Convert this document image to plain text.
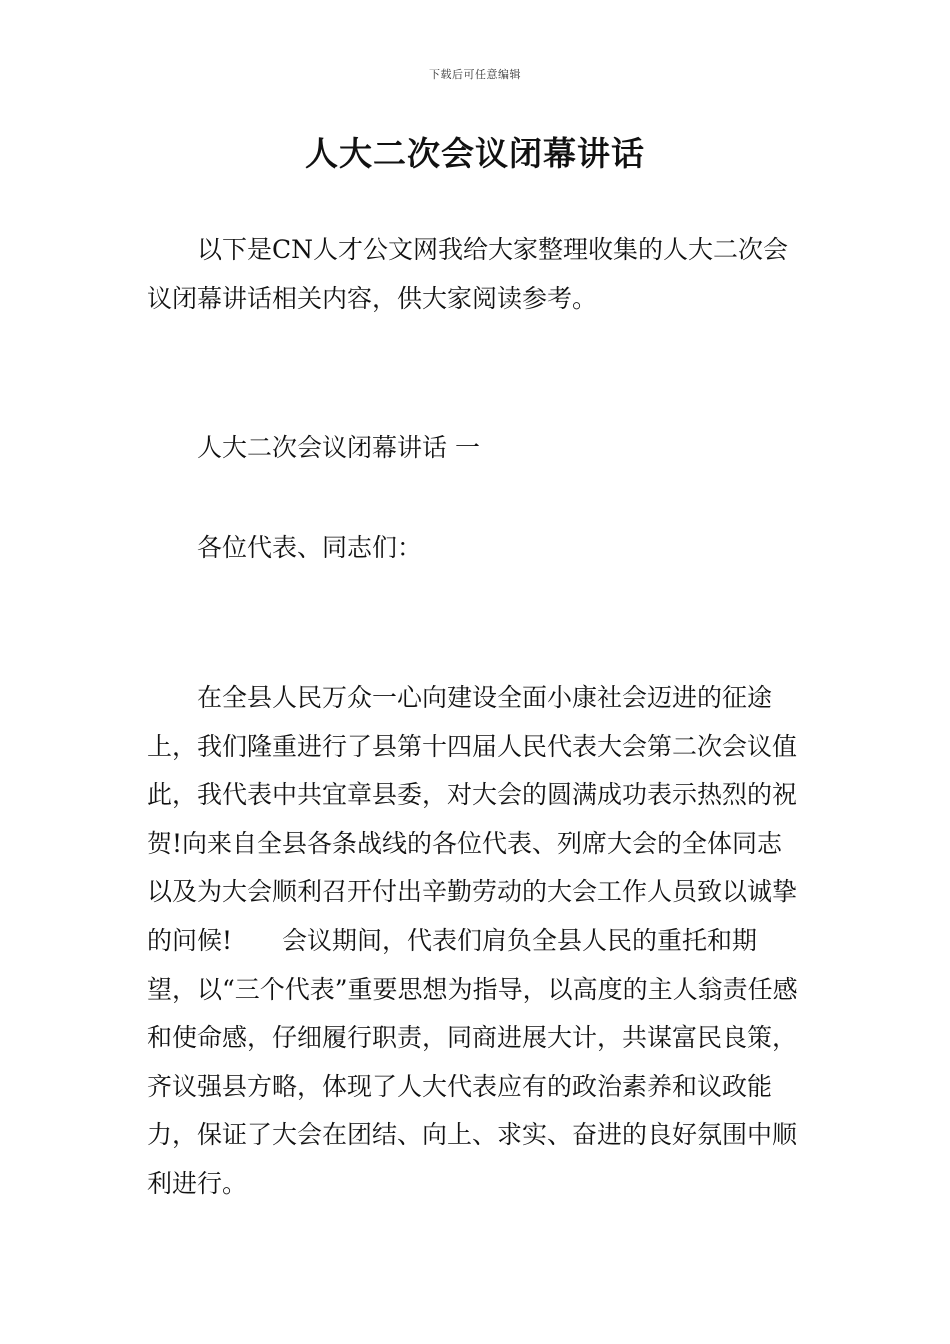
下载后可任意编辑
人大二次会议闭幕讲话

以下是CN人才公文网我给大家整理收集的人大二次会议闭幕讲话相关内容，供大家阅读参考。

人大二次会议闭幕讲话 一

各位代表、同志们：

在全县人民万众一心向建设全面小康社会迈进的征途上，我们隆重进行了县第十四届人民代表大会第二次会议值此，我代表中共宜章县委，对大会的圆满成功表示热烈的祝贺!向来自全县各条战线的各位代表、列席大会的全体同志以及为大会顺利召开付出辛勤劳动的大会工作人员致以诚挚的问候!　　会议期间，代表们肩负全县人民的重托和期望，以“三个代表”重要思想为指导，以高度的主人翁责任感和使命感，仔细履行职责，同商进展大计，共谋富民良策，齐议强县方略，体现了人大代表应有的政治素养和议政能力，保证了大会在团结、向上、求实、奋进的良好氛围中顺利进行。
